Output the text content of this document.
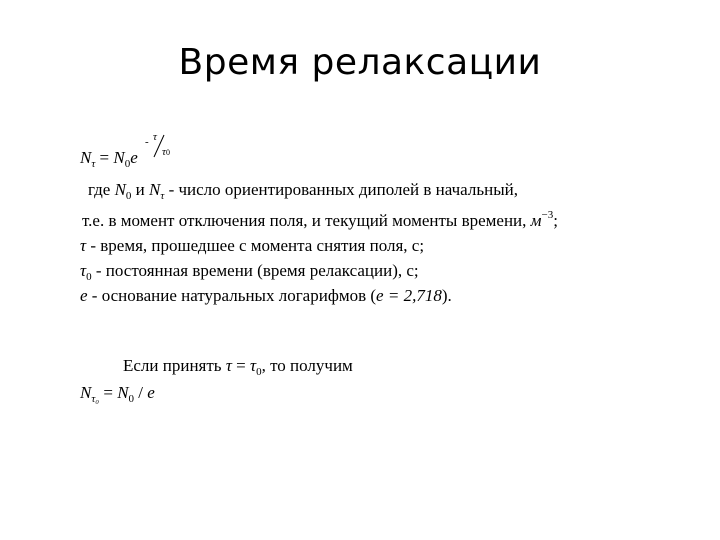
Время релаксации
$N_\tau = N_0e$
- τ
τ0
где $N_0$ и $N_\tau$ - число ориентированных диполей в начальный,
т.е. в момент отключения поля, и текущий моменты времени, $м^{-3}$;
τ - время, прошедшее с момента снятия поля, с;
$\tau_0$ - постоянная времени (время релаксации), с;
e - основание натуральных логарифмов (e = 2,718).
Если принять $\tau = \tau_0$, то получим
$N_{\tau_0} = N_0 / e$
